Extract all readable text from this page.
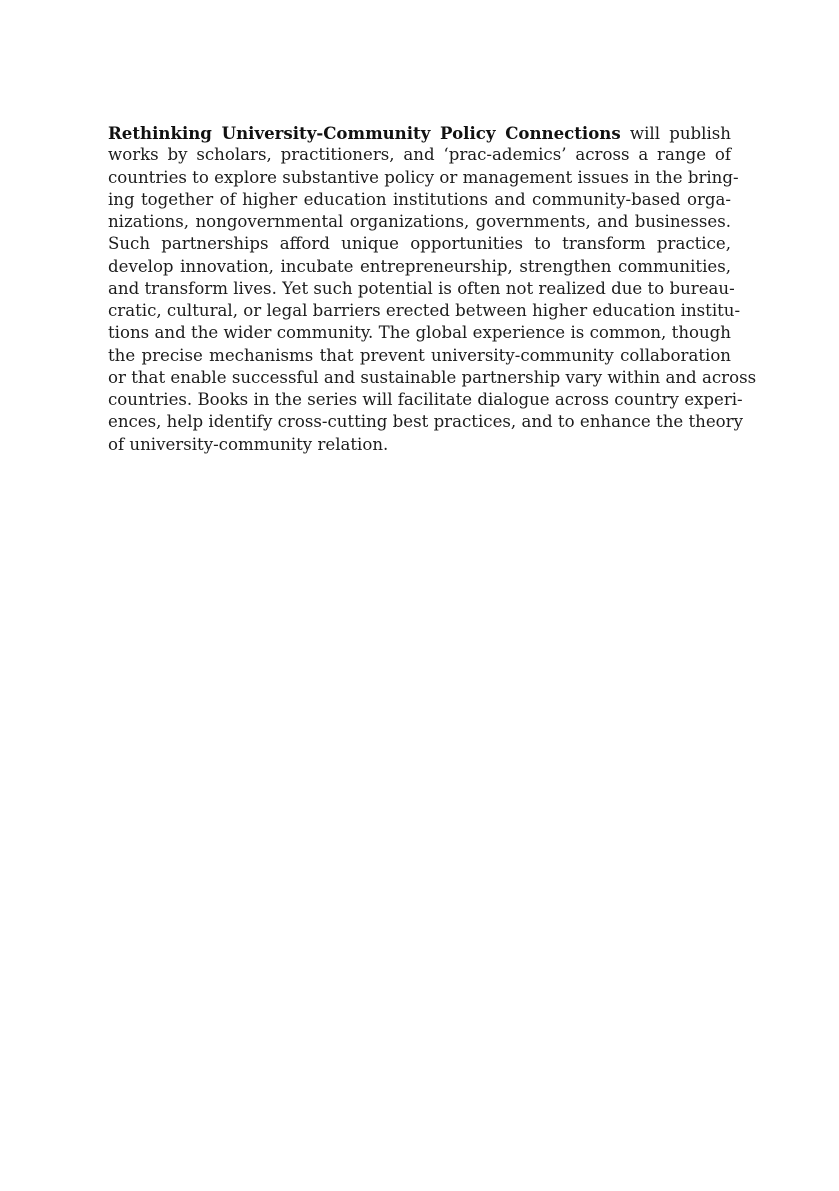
Rethinking University-Community Policy Connections will publish
works by scholars, practitioners, and ‘prac-ademics’ across a range of
countries to explore substantive policy or management issues in the bring-
ing together of higher education institutions and community-based orga-
nizations, nongovernmental organizations, governments, and businesses.
Such partnerships afford unique opportunities to transform practice,
develop innovation, incubate entrepreneurship, strengthen communities,
and transform lives. Yet such potential is often not realized due to bureau-
cratic, cultural, or legal barriers erected between higher education institu-
tions and the wider community. The global experience is common, though
the precise mechanisms that prevent university-community collaboration
or that enable successful and sustainable partnership vary within and across
countries. Books in the series will facilitate dialogue across country experi-
ences, help identify cross-cutting best practices, and to enhance the theory
of university-community relation.
